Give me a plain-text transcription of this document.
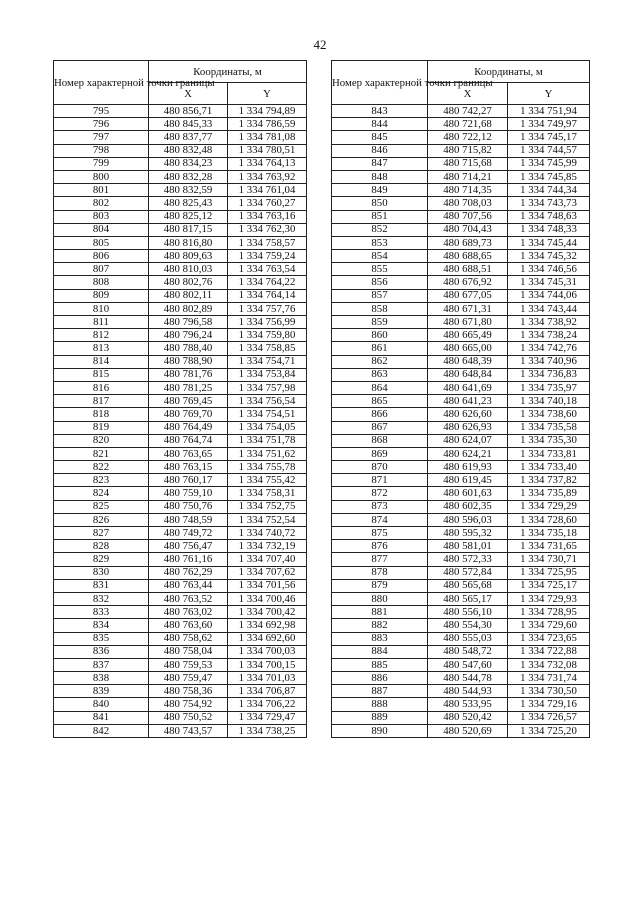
42
Номер характерной точки границы	Координаты, м	
	X	Y
795	480 856,71	1 334 794,89
796	480 845,33	1 334 786,59
797	480 837,77	1 334 781,08
798	480 832,48	1 334 780,51
799	480 834,23	1 334 764,13
800	480 832,28	1 334 763,92
801	480 832,59	1 334 761,04
802	480 825,43	1 334 760,27
803	480 825,12	1 334 763,16
804	480 817,15	1 334 762,30
805	480 816,80	1 334 758,57
806	480 809,63	1 334 759,24
807	480 810,03	1 334 763,54
808	480 802,76	1 334 764,22
809	480 802,11	1 334 764,14
810	480 802,89	1 334 757,76
811	480 796,58	1 334 756,99
812	480 796,24	1 334 759,80
813	480 788,40	1 334 758,85
814	480 788,90	1 334 754,71
815	480 781,76	1 334 753,84
816	480 781,25	1 334 757,98
817	480 769,45	1 334 756,54
818	480 769,70	1 334 754,51
819	480 764,49	1 334 754,05
820	480 764,74	1 334 751,78
821	480 763,65	1 334 751,62
822	480 763,15	1 334 755,78
823	480 760,17	1 334 755,42
824	480 759,10	1 334 758,31
825	480 750,76	1 334 752,75
826	480 748,59	1 334 752,54
827	480 749,72	1 334 740,72
828	480 756,47	1 334 732,19
829	480 761,16	1 334 707,40
830	480 762,29	1 334 707,62
831	480 763,44	1 334 701,56
832	480 763,52	1 334 700,46
833	480 763,02	1 334 700,42
834	480 763,60	1 334 692,98
835	480 758,62	1 334 692,60
836	480 758,04	1 334 700,03
837	480 759,53	1 334 700,15
838	480 759,47	1 334 701,03
839	480 758,36	1 334 706,87
840	480 754,92	1 334 706,22
841	480 750,52	1 334 729,47
842	480 743,57	1 334 738,25
Номер характерной точки границы	Координаты, м	
	X	Y
843	480 742,27	1 334 751,94
844	480 721,68	1 334 749,97
845	480 722,12	1 334 745,17
846	480 715,82	1 334 744,57
847	480 715,68	1 334 745,99
848	480 714,21	1 334 745,85
849	480 714,35	1 334 744,34
850	480 708,03	1 334 743,73
851	480 707,56	1 334 748,63
852	480 704,43	1 334 748,33
853	480 689,73	1 334 745,44
854	480 688,65	1 334 745,32
855	480 688,51	1 334 746,56
856	480 676,92	1 334 745,31
857	480 677,05	1 334 744,06
858	480 671,31	1 334 743,44
859	480 671,80	1 334 738,92
860	480 665,49	1 334 738,24
861	480 665,00	1 334 742,76
862	480 648,39	1 334 740,96
863	480 648,84	1 334 736,83
864	480 641,69	1 334 735,97
865	480 641,23	1 334 740,18
866	480 626,60	1 334 738,60
867	480 626,93	1 334 735,58
868	480 624,07	1 334 735,30
869	480 624,21	1 334 733,81
870	480 619,93	1 334 733,40
871	480 619,45	1 334 737,82
872	480 601,63	1 334 735,89
873	480 602,35	1 334 729,29
874	480 596,03	1 334 728,60
875	480 595,32	1 334 735,18
876	480 581,01	1 334 731,65
877	480 572,33	1 334 730,71
878	480 572,84	1 334 725,95
879	480 565,68	1 334 725,17
880	480 565,17	1 334 729,93
881	480 556,10	1 334 728,95
882	480 554,30	1 334 729,60
883	480 555,03	1 334 723,65
884	480 548,72	1 334 722,88
885	480 547,60	1 334 732,08
886	480 544,78	1 334 731,74
887	480 544,93	1 334 730,50
888	480 533,95	1 334 729,16
889	480 520,42	1 334 726,57
890	480 520,69	1 334 725,20
